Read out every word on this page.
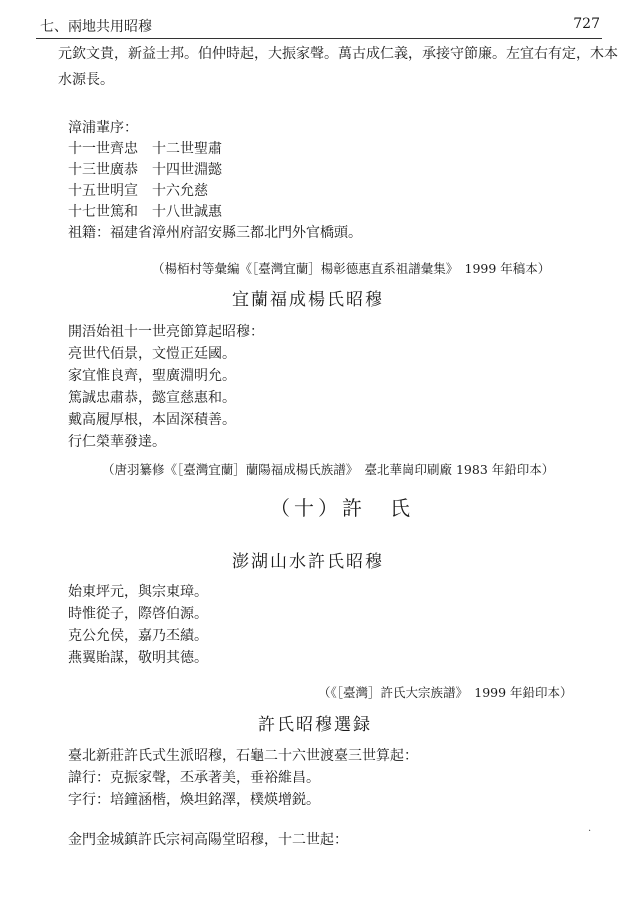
七、兩地共用昭穆	727
元欽文貴，新益士邦。伯仲時起，大振家聲。萬古成仁義，承接守節廉。左宜右有定，木本
水源長。
漳浦輩序：
十一世齊忠　十二世聖肅
十三世廣恭　十四世淵懿
十五世明宣　十六允慈
十七世篤和　十八世誠惠
祖籍：福建省漳州府詔安縣三都北門外官橋頭。
（楊栢村等彙編《［臺灣宜蘭］楊彰德惠直系祖譜彙集》　1999 年稿本）
宜蘭福成楊氏昭穆
開浯始祖十一世亮節算起昭穆：
亮世代佰景，文愷正廷國。
家宜惟良齊，聖廣淵明允。
篤誠忠肅恭，懿宣慈惠和。
戴高履厚根，本固深積善。
行仁榮華發達。
（唐羽纂修《［臺灣宜蘭］蘭陽福成楊氏族譜》　臺北華崗印刷廠 1983 年鉛印本）
（十）許　氏
澎湖山水許氏昭穆
始東坪元，與宗東璋。
時惟從子，際啓伯源。
克公允侯，嘉乃丕績。
燕翼貽謀，敬明其德。
（《［臺灣］許氏大宗族譜》　1999 年鉛印本）
許氏昭穆選録
臺北新莊許氏式生派昭穆，石龜二十六世渡臺三世算起：
諱行：克振家聲，丕承著美，垂裕維昌。
字行：培鐘涵楷，煥坦銘澤，樸煐增鋭。
金門金城鎮許氏宗祠高陽堂昭穆，十二世起：
·
